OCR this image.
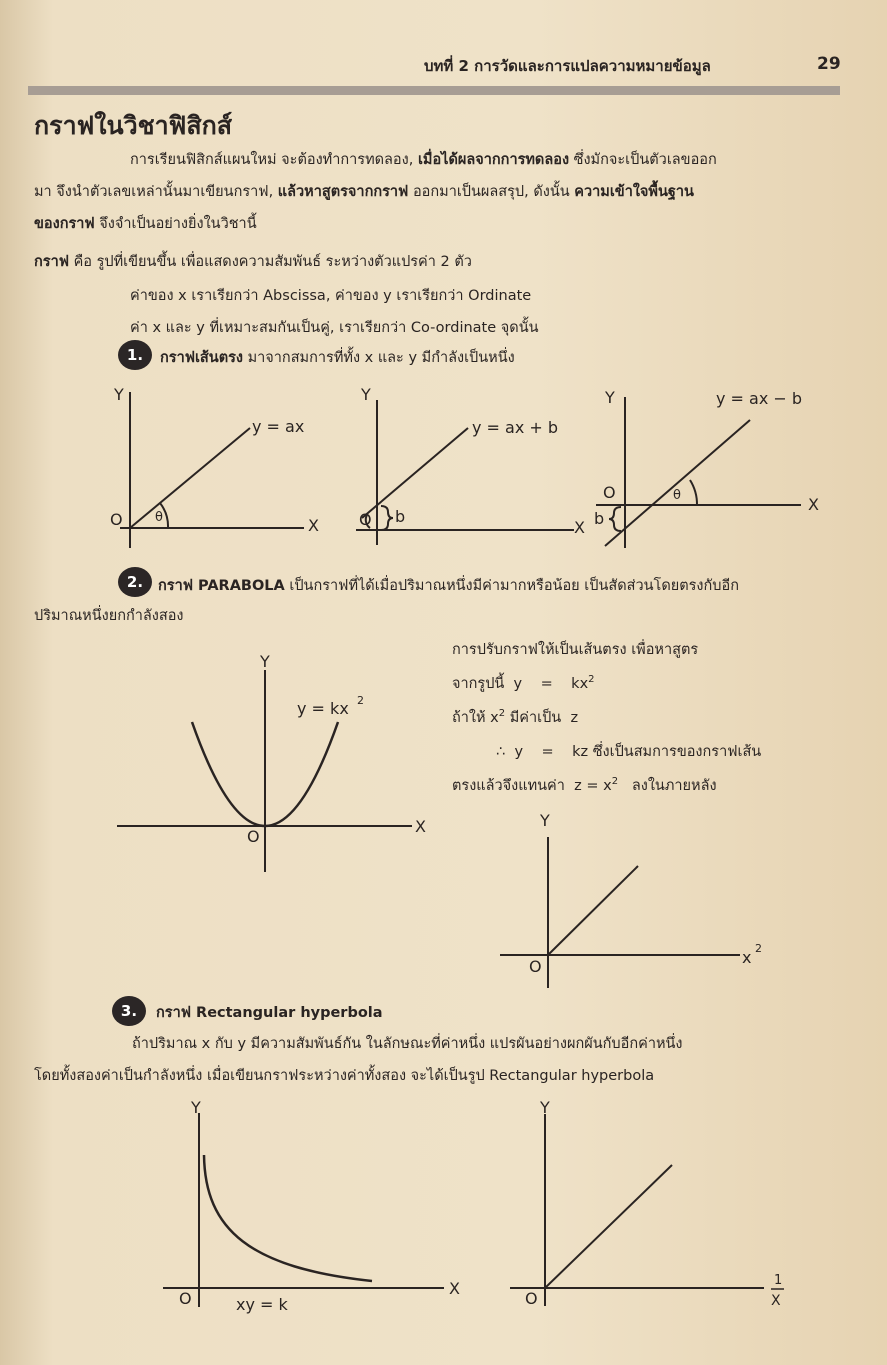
บทที่ 2 การวัดและการแปลความหมายข้อมูล	29
กราฟในวิชาฟิสิกส์
การเรียนฟิสิกส์แผนใหม่ จะต้องทำการทดลอง, เมื่อได้ผลจากการทดลอง ซึ่งมักจะเป็นตัวเลขออก
มา จึงนำตัวเลขเหล่านั้นมาเขียนกราฟ, แล้วหาสูตรจากกราฟ ออกมาเป็นผลสรุป, ดังนั้น ความเข้าใจพื้นฐาน
ของกราฟ จึงจำเป็นอย่างยิ่งในวิชานี้
กราฟ คือ รูปที่เขียนขึ้น เพื่อแสดงความสัมพันธ์ ระหว่างตัวแปรค่า 2 ตัว
ค่าของ x เราเรียกว่า Abscissa, ค่าของ y เราเรียกว่า Ordinate
ค่า x และ y ที่เหมาะสมกันเป็นคู่, เราเรียกว่า Co-ordinate จุดนั้น
1.	กราฟเส้นตรง มาจากสมการที่ทั้ง x และ y มีกำลังเป็นหนึ่ง
2.	กราฟ PARABOLA เป็นกราฟที่ได้เมื่อปริมาณหนึ่งมีค่ามากหรือน้อย เป็นสัดส่วนโดยตรงกับอีก
ปริมาณหนึ่งยกกำลังสอง
การปรับกราฟให้เป็นเส้นตรง เพื่อหาสูตร
จากรูปนี้ $y = kx^2$
ถ้าให้ $x^2$ มีค่าเป็น z
∴ y = kz ซึ่งเป็นสมการของกราฟเส้น
ตรงแล้วจึงแทนค่า $z = x^2$ ลงในภายหลัง
3.	กราฟ Rectangular hyperbola
ถ้าปริมาณ x กับ y มีความสัมพันธ์กัน ในลักษณะที่ค่าหนึ่ง แปรผันอย่างผกผันกับอีกค่าหนึ่ง
โดยทั้งสองค่าเป็นกำลังหนึ่ง เมื่อเขียนกราฟระหว่างค่าทั้งสอง จะได้เป็นรูป Rectangular hyperbola
Y
X
O θ
y = ax
Y
X
O b
y = ax + b
Y
X
O	θ
b
y = ax − b
Y
X
O
y = kx 2
Y
O	x 2
Y
X
O	xy = k
Y
O
1
X
